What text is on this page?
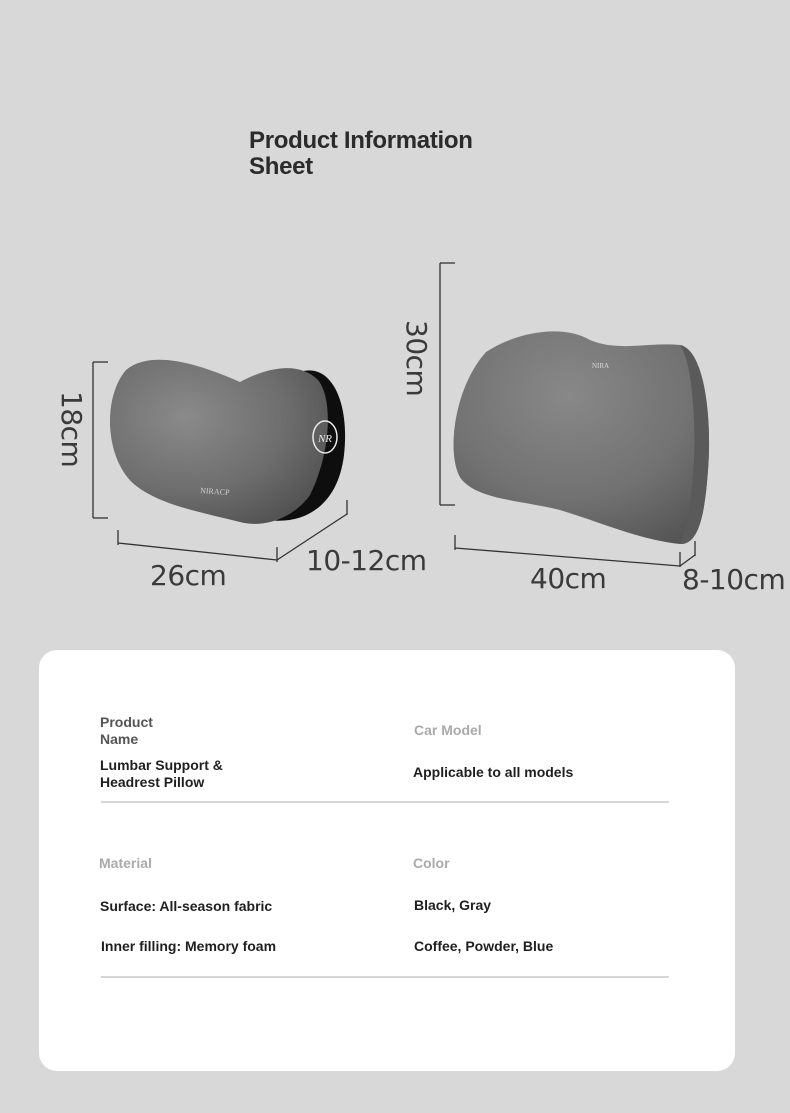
Product Information
Sheet
NR
NIRACP
NIRA
18cm
26cm	10-12cm
30cm
40cm	8-10cm
Product
Name
Lumbar Support &
Headrest Pillow
Car Model
Applicable to all models
Material
Surface: All-season fabric
Inner filling: Memory foam
Color
Black, Gray
Coffee, Powder, Blue
